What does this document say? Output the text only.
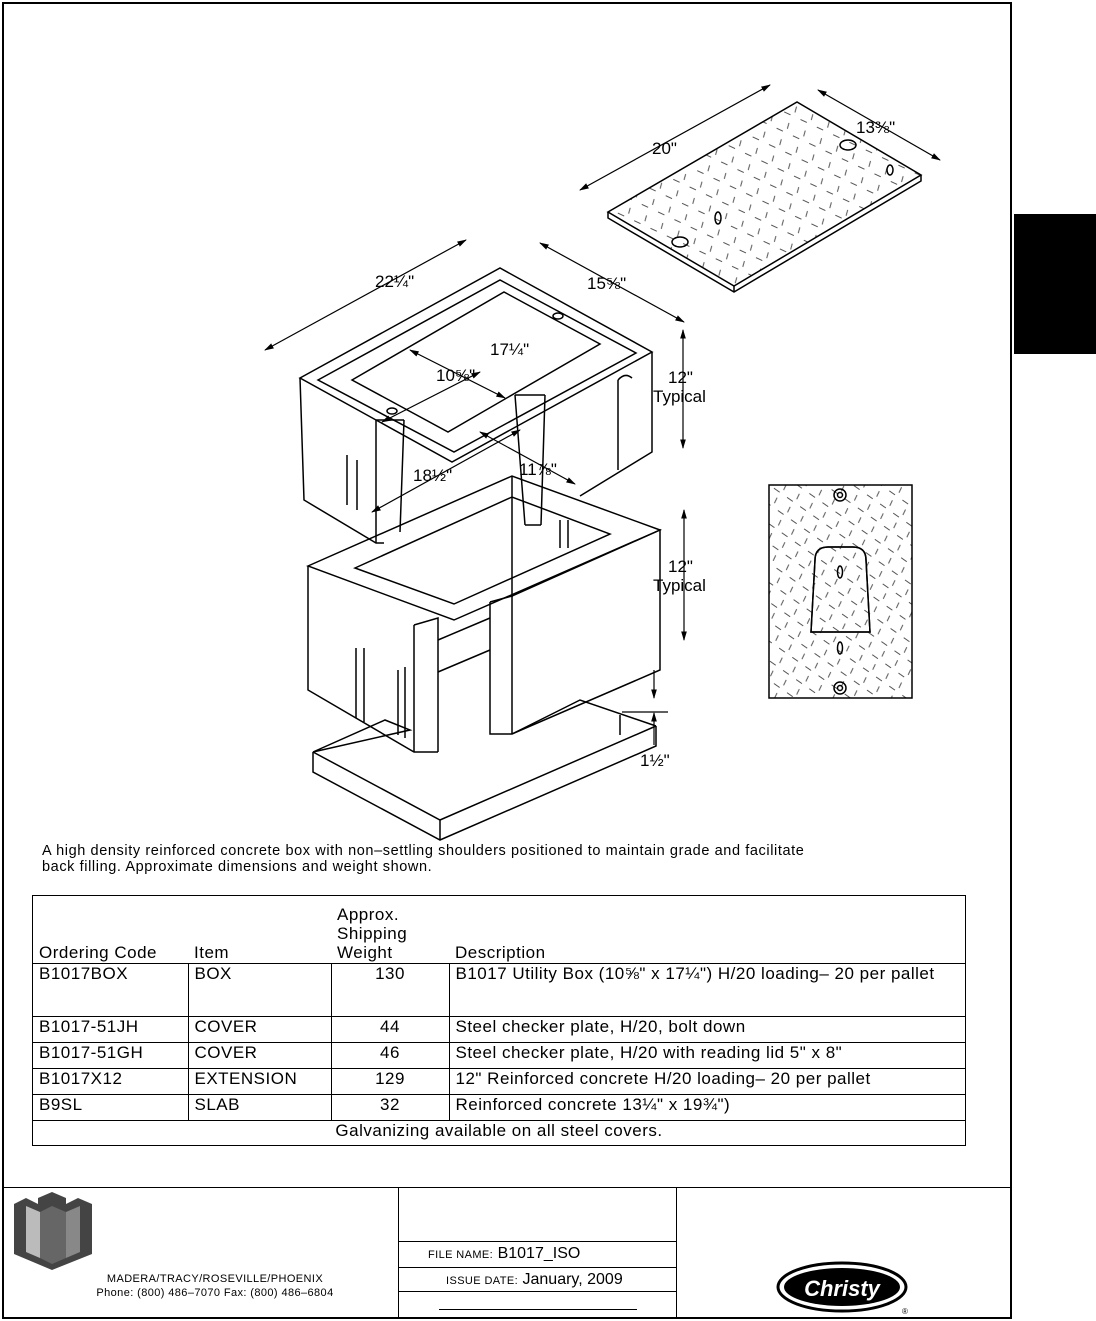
20"
13⅜"
22¼"	15⅝"
17¼"
10⅝"
18½"	11⅞"
12"
Typical
12"
Typical
1½"
A high density reinforced concrete box with non–settling shoulders positioned to maintain grade and facilitate back filling. Approximate dimensions and weight shown.
Ordering Code	Item	Approx. Shipping Weight	Description
B1017BOX	BOX	130	B1017 Utility Box (10⅝" x 17¼") H/20 loading– 20 per pallet
B1017-51JH	COVER	44	Steel checker plate, H/20, bolt down
B1017-51GH	COVER	46	Steel checker plate, H/20 with reading lid 5" x 8"
B1017X12	EXTENSION	129	12" Reinforced concrete H/20 loading– 20 per pallet
B9SL	SLAB	32	Reinforced concrete 13¼" x 19¾")
Galvanizing available on all steel covers.			
MADERA/TRACY/ROSEVILLE/PHOENIX
Phone: (800) 486–7070 Fax: (800) 486–6804
FILE NAME: B1017_ISO
ISSUE DATE: January, 2009	Christy
®
